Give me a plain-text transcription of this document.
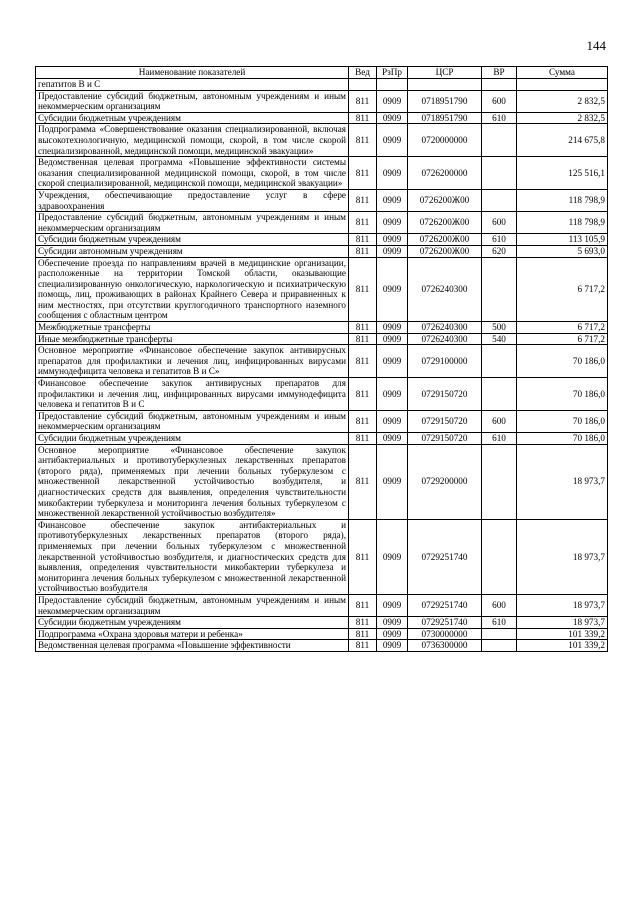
144
Наименование показателей	Вед	РзПр	ЦСР	ВР	Сумма
гепатитов В и С					
Предоставление субсидий бюджетным, автономным учреждениям и иным некоммерческим организациям	811	0909	0718951790	600	2 832,5
Субсидии бюджетным учреждениям	811	0909	0718951790	610	2 832,5
Подпрограмма «Совершенствование оказания специализированной, включая высокотехнологичную, медицинской помощи, скорой, в том числе скорой специализированной, медицинской помощи, медицинской эвакуации»	811	0909	0720000000		214 675,8
Ведомственная целевая программа «Повышение эффективности системы оказания специализированной медицинской помощи, скорой, в том числе скорой специализированной, медицинской помощи, медицинской эвакуации»	811	0909	0726200000		125 516,1
Учреждения, обеспечивающие предоставление услуг в сфере здравоохранения	811	0909	0726200Ж00		118 798,9
Предоставление субсидий бюджетным, автономным учреждениям и иным некоммерческим организациям	811	0909	0726200Ж00	600	118 798,9
Субсидии бюджетным учреждениям	811	0909	0726200Ж00	610	113 105,9
Субсидии автономным учреждениям	811	0909	0726200Ж00	620	5 693,0
Обеспечение проезда по направлениям врачей в медицинские организации, расположенные на территории Томской области, оказывающие специализированную онкологическую, наркологическую и психиатрическую помощь, лиц, проживающих в районах Крайнего Севера и приравненных к ним местностях, при отсутствии круглогодичного транспортного наземного сообщения с областным центром	811	0909	0726240300		6 717,2
Межбюджетные трансферты	811	0909	0726240300	500	6 717,2
Иные межбюджетные трансферты	811	0909	0726240300	540	6 717,2
Основное мероприятие «Финансовое обеспечение закупок антивирусных препаратов для профилактики и лечения лиц, инфицированных вирусами иммунодефицита человека и гепатитов В и С»	811	0909	0729100000		70 186,0
Финансовое обеспечение закупок антивирусных препаратов для профилактики и лечения лиц, инфицированных вирусами иммунодефицита человека и гепатитов В и С	811	0909	0729150720		70 186,0
Предоставление субсидий бюджетным, автономным учреждениям и иным некоммерческим организациям	811	0909	0729150720	600	70 186,0
Субсидии бюджетным учреждениям	811	0909	0729150720	610	70 186,0
Основное мероприятие «Финансовое обеспечение закупок антибактериальных и противотуберкулезных лекарственных препаратов (второго ряда), применяемых при лечении больных туберкулезом с множественной лекарственной устойчивостью возбудителя, и диагностических средств для выявления, определения чувствительности микобактерии туберкулеза и мониторинга лечения больных туберкулезом с множественной лекарственной устойчивостью возбудителя»	811	0909	0729200000		18 973,7
Финансовое обеспечение закупок антибактериальных и противотуберкулезных лекарственных препаратов (второго ряда), применяемых при лечении больных туберкулезом с множественной лекарственной устойчивостью возбудителя, и диагностических средств для выявления, определения чувствительности микобактерии туберкулеза и мониторинга лечения больных туберкулезом с множественной лекарственной устойчивостью возбудителя	811	0909	0729251740		18 973,7
Предоставление субсидий бюджетным, автономным учреждениям и иным некоммерческим организациям	811	0909	0729251740	600	18 973,7
Субсидии бюджетным учреждениям	811	0909	0729251740	610	18 973,7
Подпрограмма «Охрана здоровья матери и ребенка»	811	0909	0730000000		101 339,2
Ведомственная целевая программа «Повышение эффективности	811	0909	0736300000		101 339,2
